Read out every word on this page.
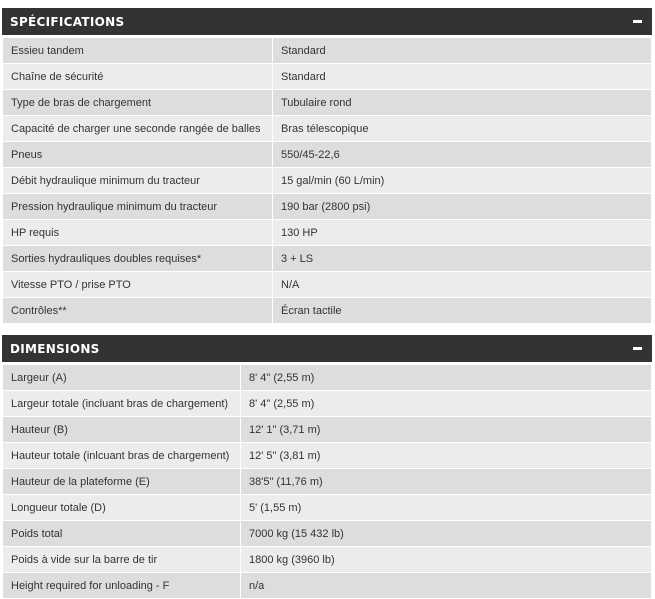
SPÉCIFICATIONS
Essieu tandem	Standard
Chaîne de sécurité	Standard
Type de bras de chargement	Tubulaire rond
Capacité de charger une seconde rangée de balles	Bras télescopique
Pneus	550/45-22,6
Débit hydraulique minimum du tracteur	15 gal/min (60 L/min)
Pression hydraulique minimum du tracteur	190 bar (2800 psi)
HP requis	130 HP
Sorties hydrauliques doubles requises*	3 + LS
Vitesse PTO / prise PTO	N/A
Contrôles**	Écran tactile
DIMENSIONS
Largeur (A)	8' 4" (2,55 m)
Largeur totale (incluant bras de chargement)	8' 4" (2,55 m)
Hauteur (B)	12' 1" (3,71 m)
Hauteur totale (inlcuant bras de chargement)	12' 5" (3,81 m)
Hauteur de la plateforme (E)	38'5" (11,76 m)
Longueur totale (D)	5' (1,55 m)
Poids total	7000 kg (15 432 lb)
Poids à vide sur la barre de tir	1800 kg (3960 lb)
Height required for unloading - F	n/a
